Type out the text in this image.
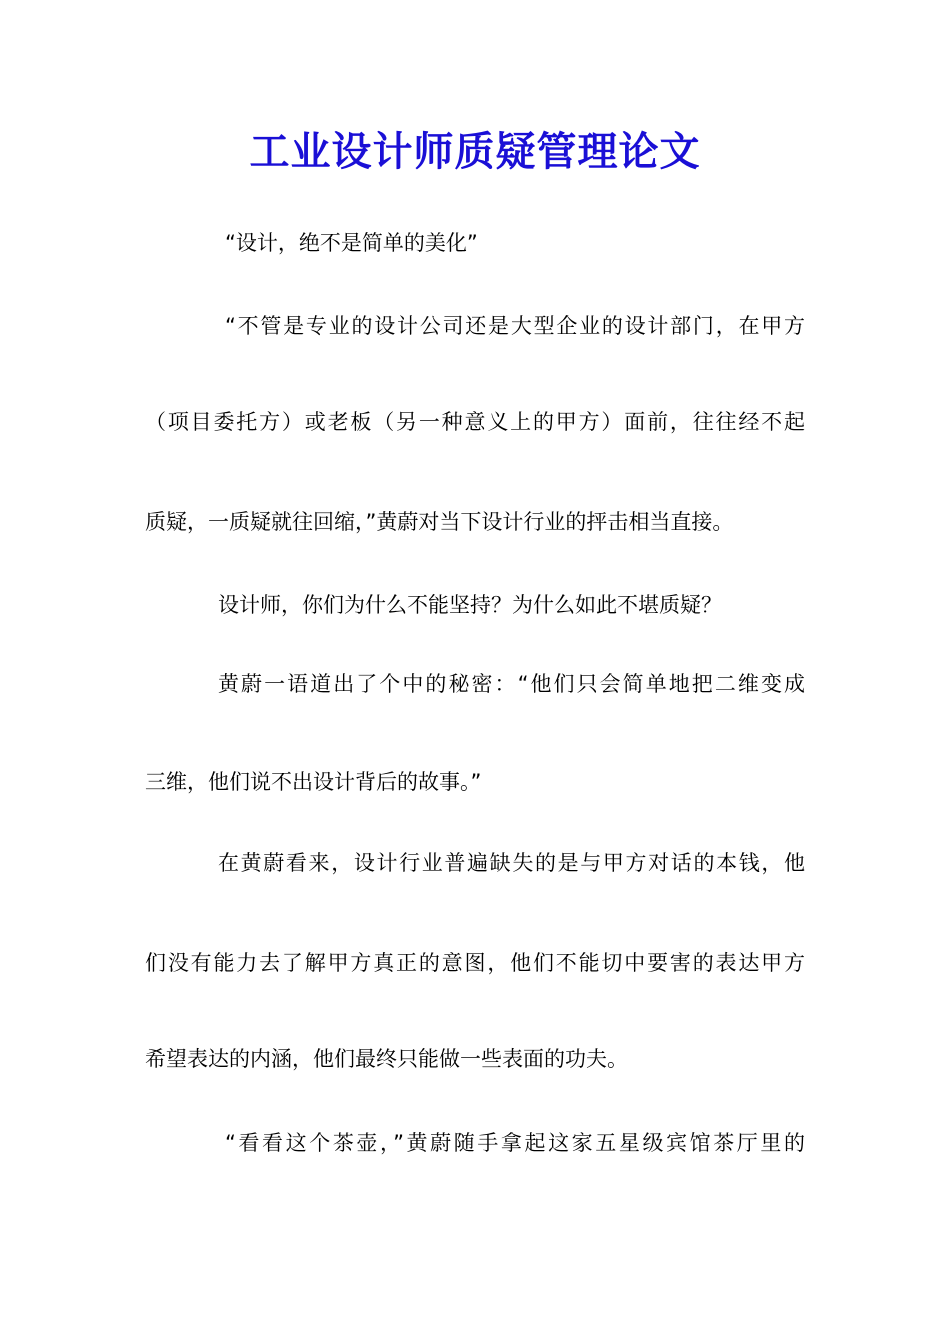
工业设计师质疑管理论文
“设计，绝不是简单的美化”
“不管是专业的设计公司还是大型企业的设计部门，在甲方
（项目委托方）或老板（另一种意义上的甲方）面前，往往经不起
质疑，一质疑就往回缩，”黄蔚对当下设计行业的抨击相当直接。
设计师，你们为什么不能坚持？为什么如此不堪质疑？
黄蔚一语道出了个中的秘密：“他们只会简单地把二维变成
三维，他们说不出设计背后的故事。”
在黄蔚看来，设计行业普遍缺失的是与甲方对话的本钱，他
们没有能力去了解甲方真正的意图，他们不能切中要害的表达甲方
希望表达的内涵，他们最终只能做一些表面的功夫。
“看看这个茶壶，”黄蔚随手拿起这家五星级宾馆茶厅里的
